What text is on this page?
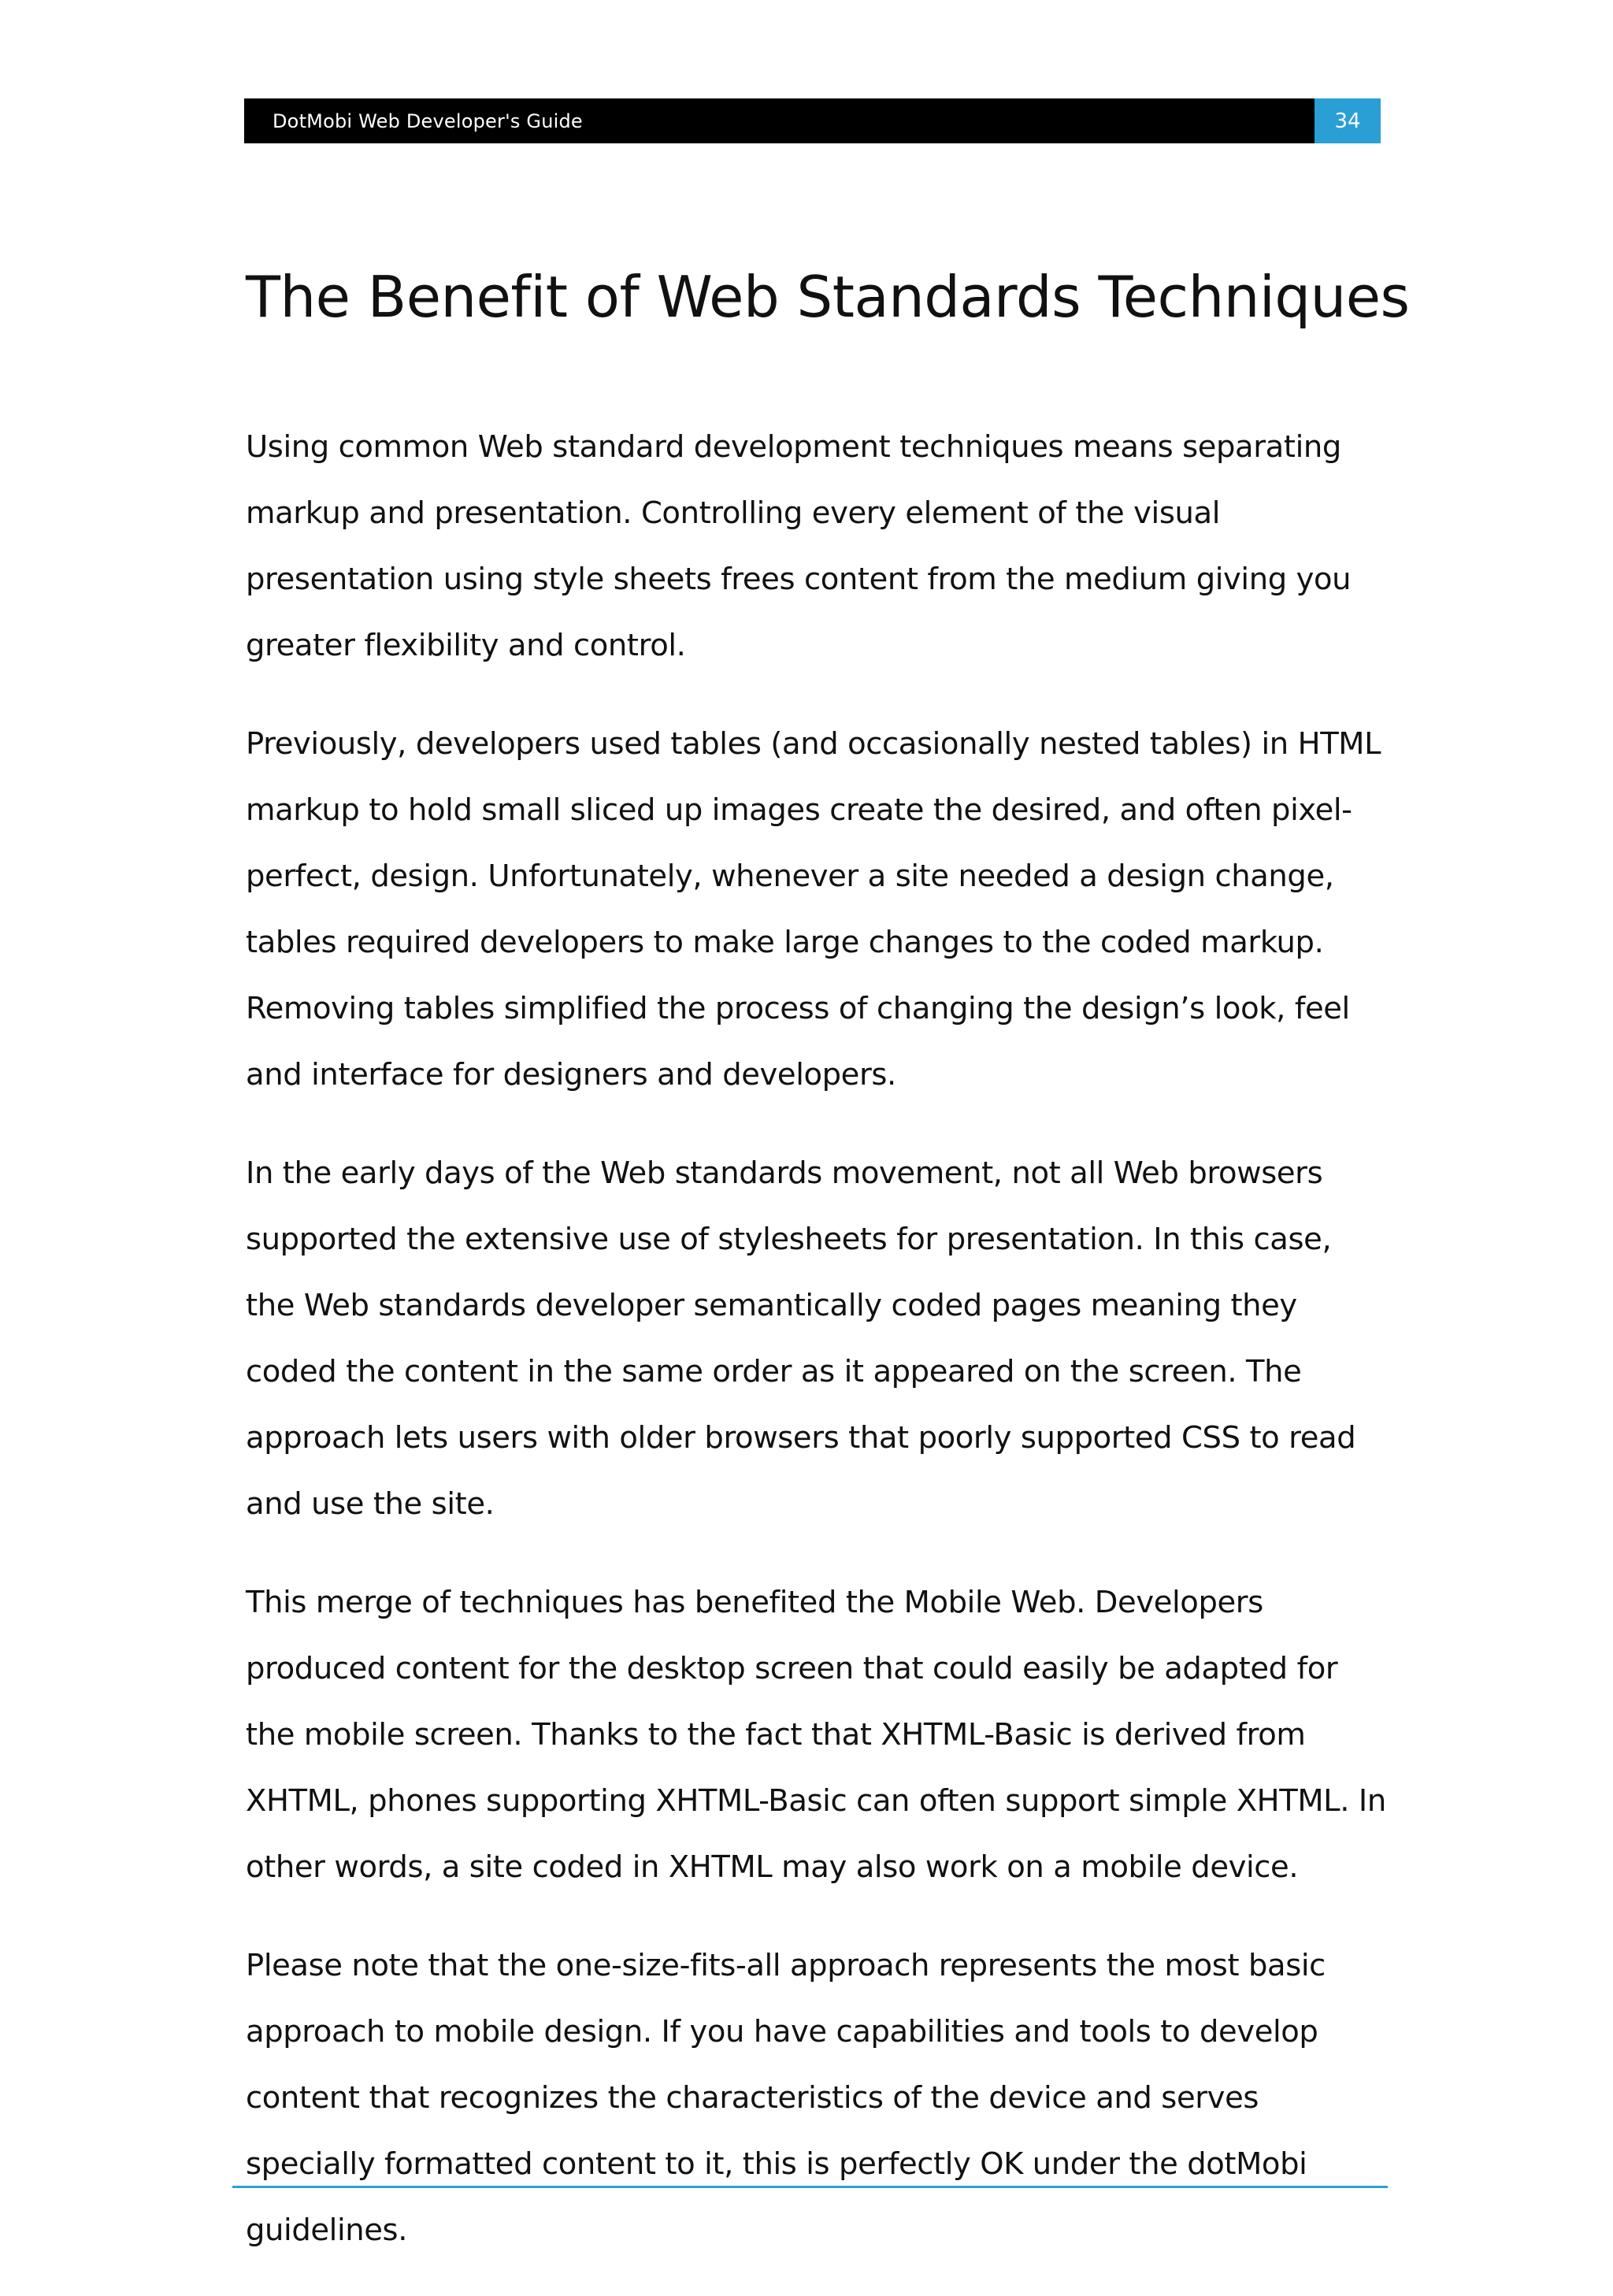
DotMobi Web Developer's Guide	34
The Benefit of Web Standards Techniques

Using common Web standard development techniques means separating markup and presentation. Controlling every element of the visual presentation using style sheets frees content from the medium giving you greater flexibility and control.

Previously, developers used tables (and occasionally nested tables) in HTML markup to hold small sliced up images create the desired, and often pixel-perfect, design. Unfortunately, whenever a site needed a design change, tables required developers to make large changes to the coded markup. Removing tables simplified the process of changing the design’s look, feel and interface for designers and developers.

In the early days of the Web standards movement, not all Web browsers supported the extensive use of stylesheets for presentation. In this case, the Web standards developer semantically coded pages meaning they coded the content in the same order as it appeared on the screen. The approach lets users with older browsers that poorly supported CSS to read and use the site.

This merge of techniques has benefited the Mobile Web. Developers produced content for the desktop screen that could easily be adapted for the mobile screen. Thanks to the fact that XHTML-Basic is derived from XHTML, phones supporting XHTML-Basic can often support simple XHTML. In other words, a site coded in XHTML may also work on a mobile device.

Please note that the one-size-fits-all approach represents the most basic approach to mobile design. If you have capabilities and tools to develop content that recognizes the characteristics of the device and serves specially formatted content to it, this is perfectly OK under the dotMobi guidelines.
